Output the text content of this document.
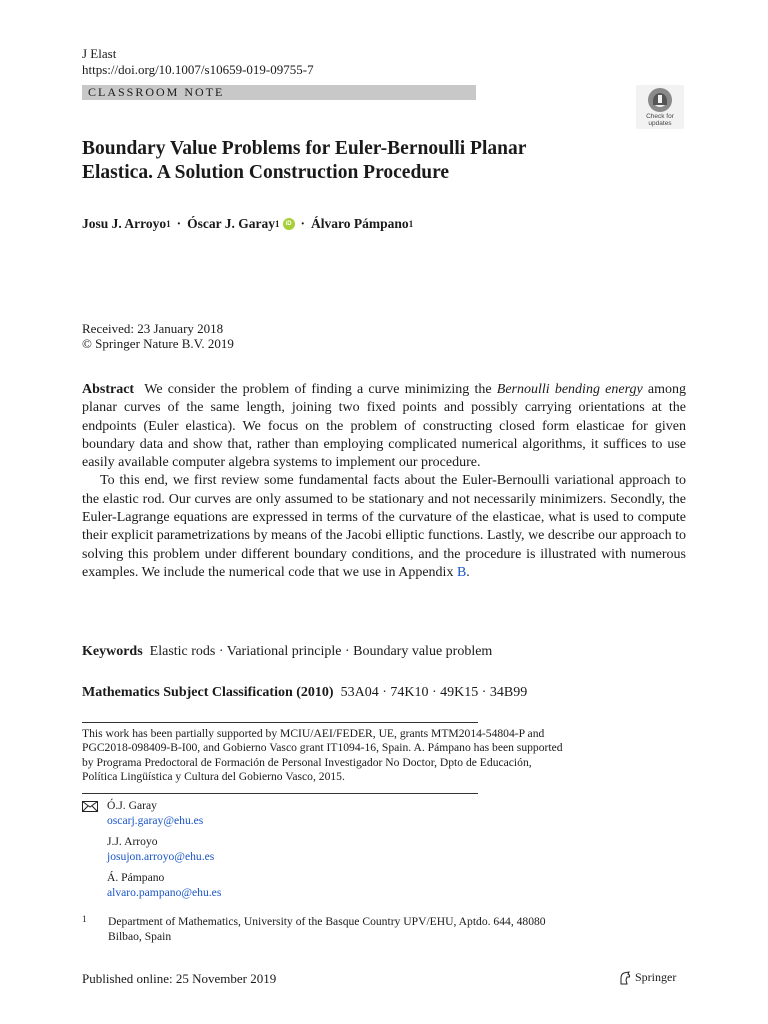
J Elast
https://doi.org/10.1007/s10659-019-09755-7
CLASSROOM NOTE
Check for
updates
Boundary Value Problems for Euler-Bernoulli Planar
Elastica. A Solution Construction Procedure
Josu J. Arroyo 1 · Óscar J. Garay 1	iD · Álvaro Pámpano 1
Received: 23 January 2018
© Springer Nature B.V. 2019

Abstract We consider the problem of finding a curve minimizing the Bernoulli bending energy among planar curves of the same length, joining two fixed points and possibly carrying orientations at the endpoints (Euler elastica). We focus on the problem of constructing closed form elasticae for given boundary data and show that, rather than employing complicated numerical algorithms, it suffices to use easily available computer algebra systems to implement our procedure.

To this end, we first review some fundamental facts about the Euler-Bernoulli variational approach to the elastic rod. Our curves are only assumed to be stationary and not necessarily minimizers. Secondly, the Euler-Lagrange equations are expressed in terms of the curvature of the elasticae, what is used to compute their explicit parametrizations by means of the Jacobi elliptic functions. Lastly, we describe our approach to solving this problem under different boundary conditions, and the procedure is illustrated with numerous examples. We include the numerical code that we use in Appendix B.

Keywords Elastic rods · Variational principle · Boundary value problem
Mathematics Subject Classification (2010) 53A04 · 74K10 · 49K15 · 34B99
This work has been partially supported by MCIU/AEI/FEDER, UE, grants MTM2014-54804-P and
PGC2018-098409-B-I00, and Gobierno Vasco grant IT1094-16, Spain. A. Pámpano has been supported
by Programa Predoctoral de Formación de Personal Investigador No Doctor, Dpto de Educación,
Política Lingüística y Cultura del Gobierno Vasco, 2015.
Ó.J. Garay
oscarj.garay@ehu.es
J.J. Arroyo
josujon.arroyo@ehu.es
Á. Pámpano
alvaro.pampano@ehu.es
1 Department of Mathematics, University of the Basque Country UPV/EHU, Aptdo. 644, 48080
Bilbao, Spain
Published online: 25 November 2019	Springer
